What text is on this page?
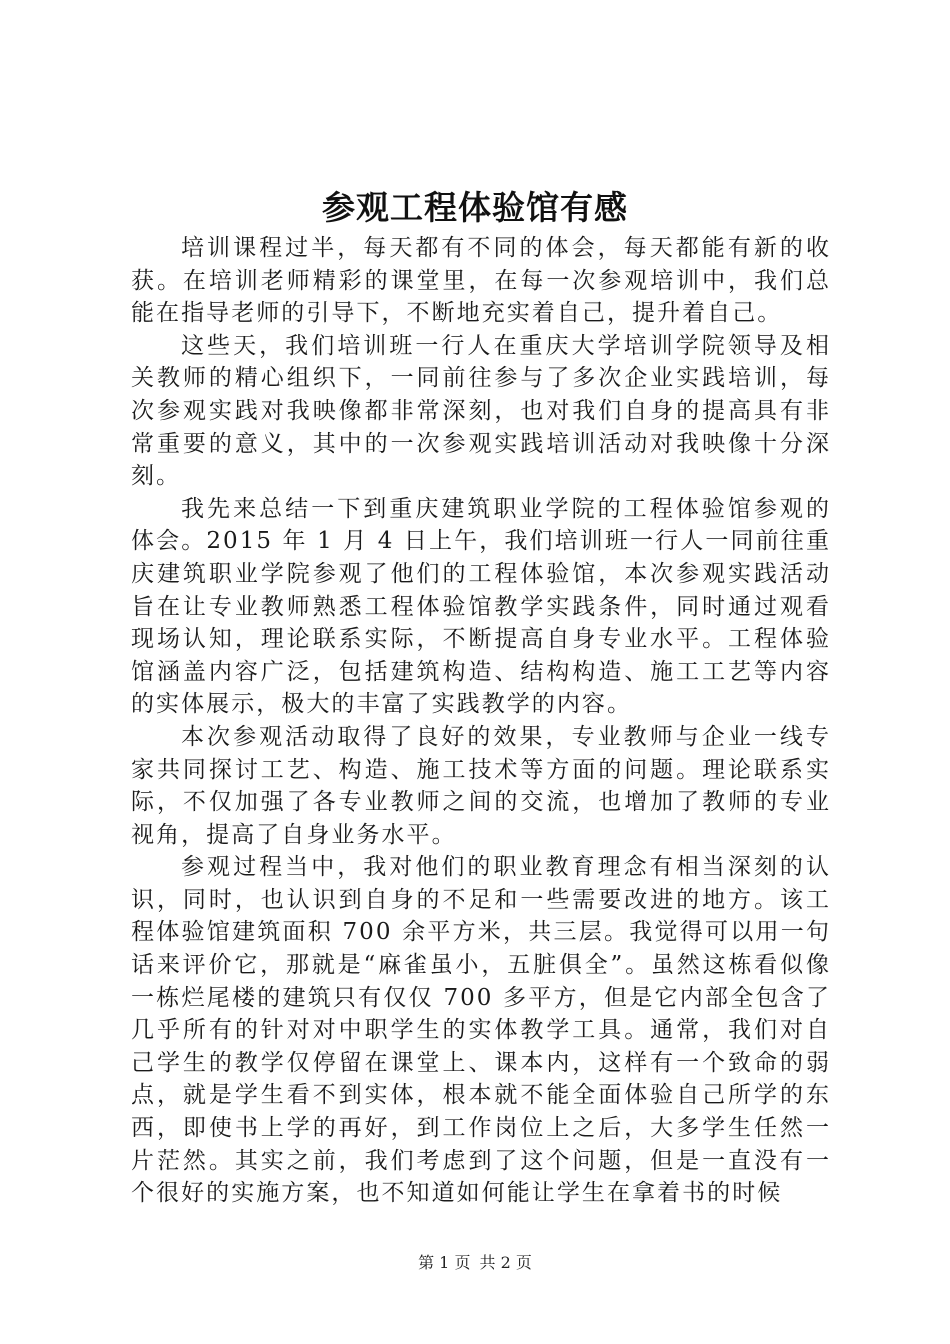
参观工程体验馆有感

培训课程过半，每天都有不同的体会，每天都能有新的收获。在培训老师精彩的课堂里，在每一次参观培训中，我们总能在指导老师的引导下，不断地充实着自己，提升着自己。

这些天，我们培训班一行人在重庆大学培训学院领导及相关教师的精心组织下，一同前往参与了多次企业实践培训，每次参观实践对我映像都非常深刻，也对我们自身的提高具有非常重要的意义，其中的一次参观实践培训活动对我映像十分深刻。

我先来总结一下到重庆建筑职业学院的工程体验馆参观的体会。2015 年 1 月 4 日上午，我们培训班一行人一同前往重庆建筑职业学院参观了他们的工程体验馆，本次参观实践活动旨在让专业教师熟悉工程体验馆教学实践条件，同时通过观看现场认知，理论联系实际，不断提高自身专业水平。工程体验馆涵盖内容广泛，包括建筑构造、结构构造、施工工艺等内容的实体展示，极大的丰富了实践教学的内容。

本次参观活动取得了良好的效果，专业教师与企业一线专家共同探讨工艺、构造、施工技术等方面的问题。理论联系实际，不仅加强了各专业教师之间的交流，也增加了教师的专业视角，提高了自身业务水平。

参观过程当中，我对他们的职业教育理念有相当深刻的认识，同时，也认识到自身的不足和一些需要改进的地方。该工程体验馆建筑面积 700 余平方米，共三层。我觉得可以用一句话来评价它，那就是“麻雀虽小，五脏俱全”。虽然这栋看似像一栋烂尾楼的建筑只有仅仅 700 多平方，但是它内部全包含了几乎所有的针对对中职学生的实体教学工具。通常，我们对自己学生的教学仅停留在课堂上、课本内，这样有一个致命的弱点，就是学生看不到实体，根本就不能全面体验自己所学的东西，即使书上学的再好，到工作岗位上之后，大多学生任然一片茫然。其实之前，我们考虑到了这个问题，但是一直没有一个很好的实施方案，也不知道如何能让学生在拿着书的时候

第 1 页 共 2 页
